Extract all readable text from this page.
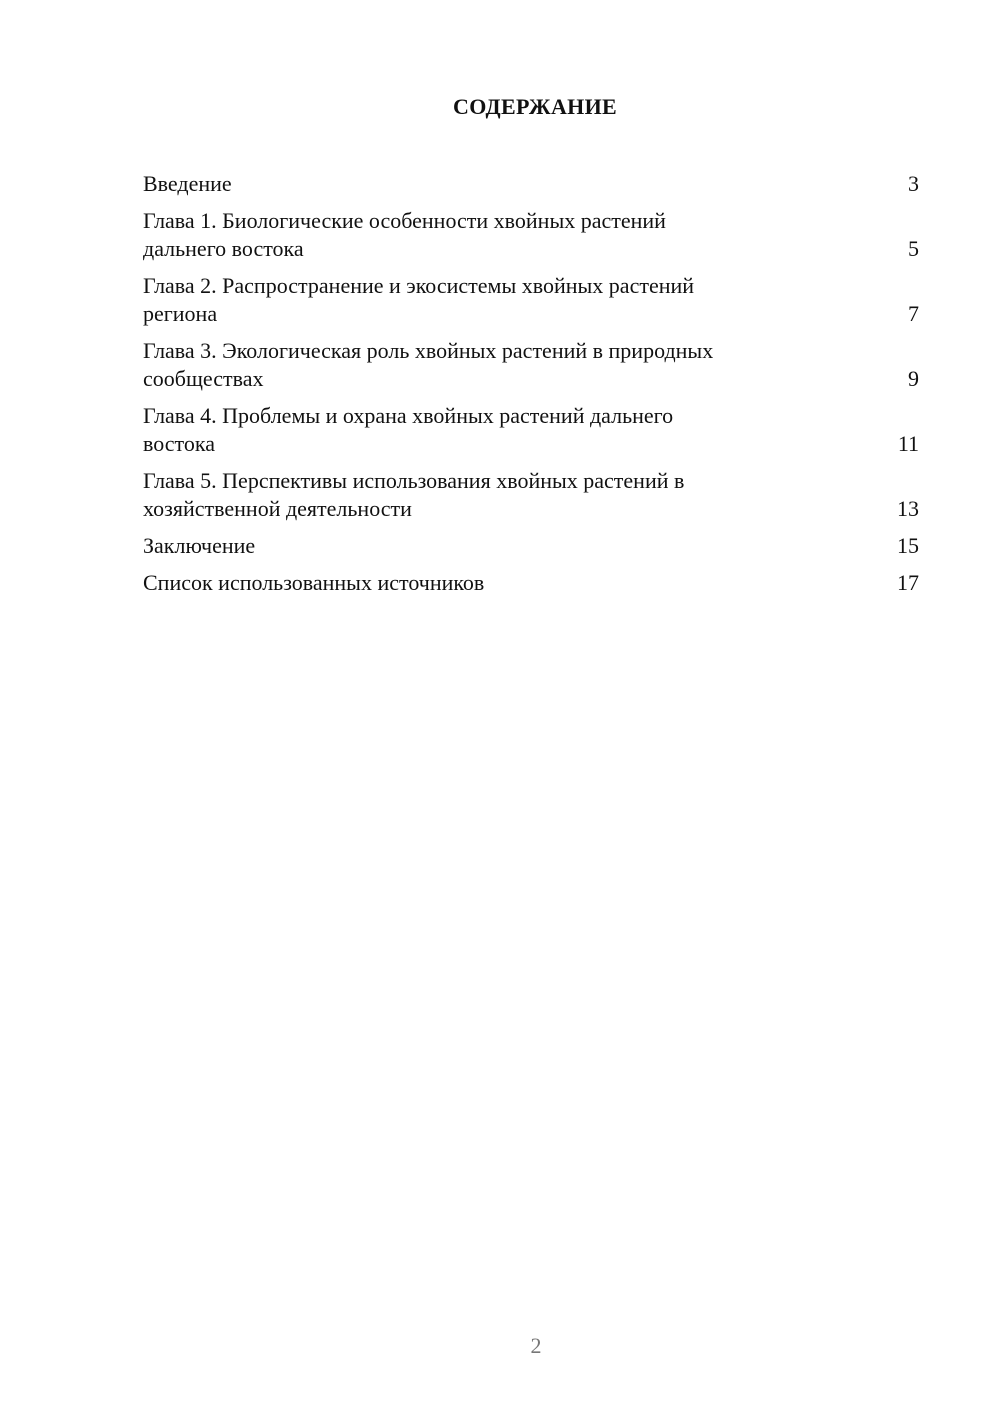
СОДЕРЖАНИЕ
Введение	3
Глава 1. Биологические особенности хвойных растений
дальнего востока	5
Глава 2. Распространение и экосистемы хвойных растений
региона	7
Глава 3. Экологическая роль хвойных растений в природных
сообществах	9
Глава 4. Проблемы и охрана хвойных растений дальнего
востока	11
Глава 5. Перспективы использования хвойных растений в
хозяйственной деятельности	13
Заключение	15
Список использованных источников	17
2
